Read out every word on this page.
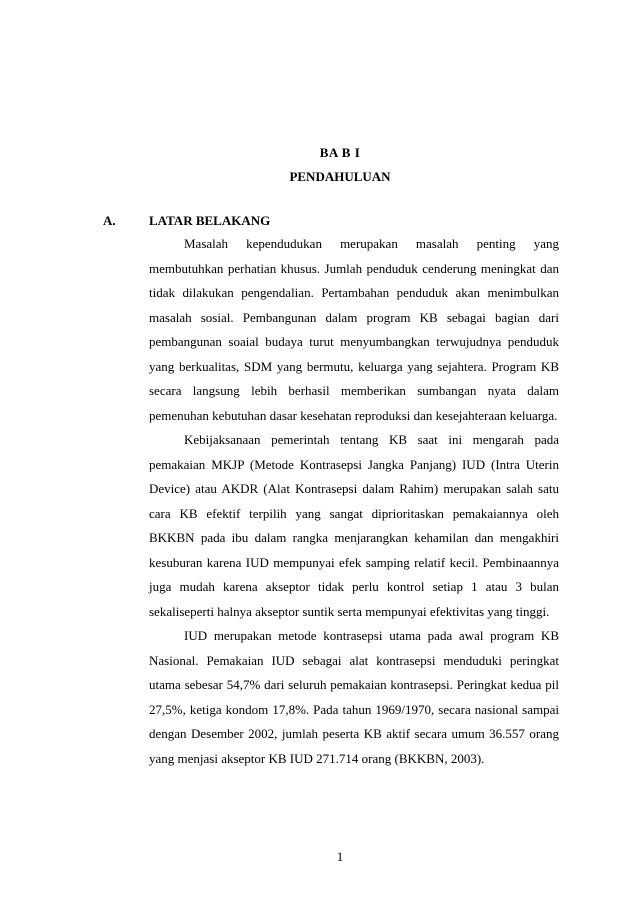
BA B I
PENDAHULUAN
A.	LATAR BELAKANG

Masalah kependudukan merupakan masalah penting yang membutuhkan perhatian khusus. Jumlah penduduk cenderung meningkat dan tidak dilakukan pengendalian. Pertambahan penduduk akan menimbulkan masalah sosial. Pembangunan dalam program KB sebagai bagian dari pembangunan soaial budaya turut menyumbangkan terwujudnya penduduk yang berkualitas, SDM yang bermutu, keluarga yang sejahtera. Program KB secara langsung lebih berhasil memberikan sumbangan nyata dalam pemenuhan kebutuhan dasar kesehatan reproduksi dan kesejahteraan keluarga.

Kebijaksanaan pemerintah tentang KB saat ini mengarah pada pemakaian MKJP (Metode Kontrasepsi Jangka Panjang) IUD (Intra Uterin Device) atau AKDR (Alat Kontrasepsi dalam Rahim) merupakan salah satu cara KB efektif terpilih yang sangat diprioritaskan pemakaiannya oleh BKKBN pada ibu dalam rangka menjarangkan kehamilan dan mengakhiri kesuburan karena IUD mempunyai efek samping relatif kecil. Pembinaannya juga mudah karena akseptor tidak perlu kontrol setiap 1 atau 3 bulan sekaliseperti halnya akseptor suntik serta mempunyai efektivitas yang tinggi.

IUD merupakan metode kontrasepsi utama pada awal program KB Nasional. Pemakaian IUD sebagai alat kontrasepsi menduduki peringkat utama sebesar 54,7% dari seluruh pemakaian kontrasepsi. Peringkat kedua pil 27,5%, ketiga kondom 17,8%. Pada tahun 1969/1970, secara nasional sampai dengan Desember 2002, jumlah peserta KB aktif secara umum 36.557 orang yang menjasi akseptor KB IUD 271.714 orang (BKKBN, 2003).

1
